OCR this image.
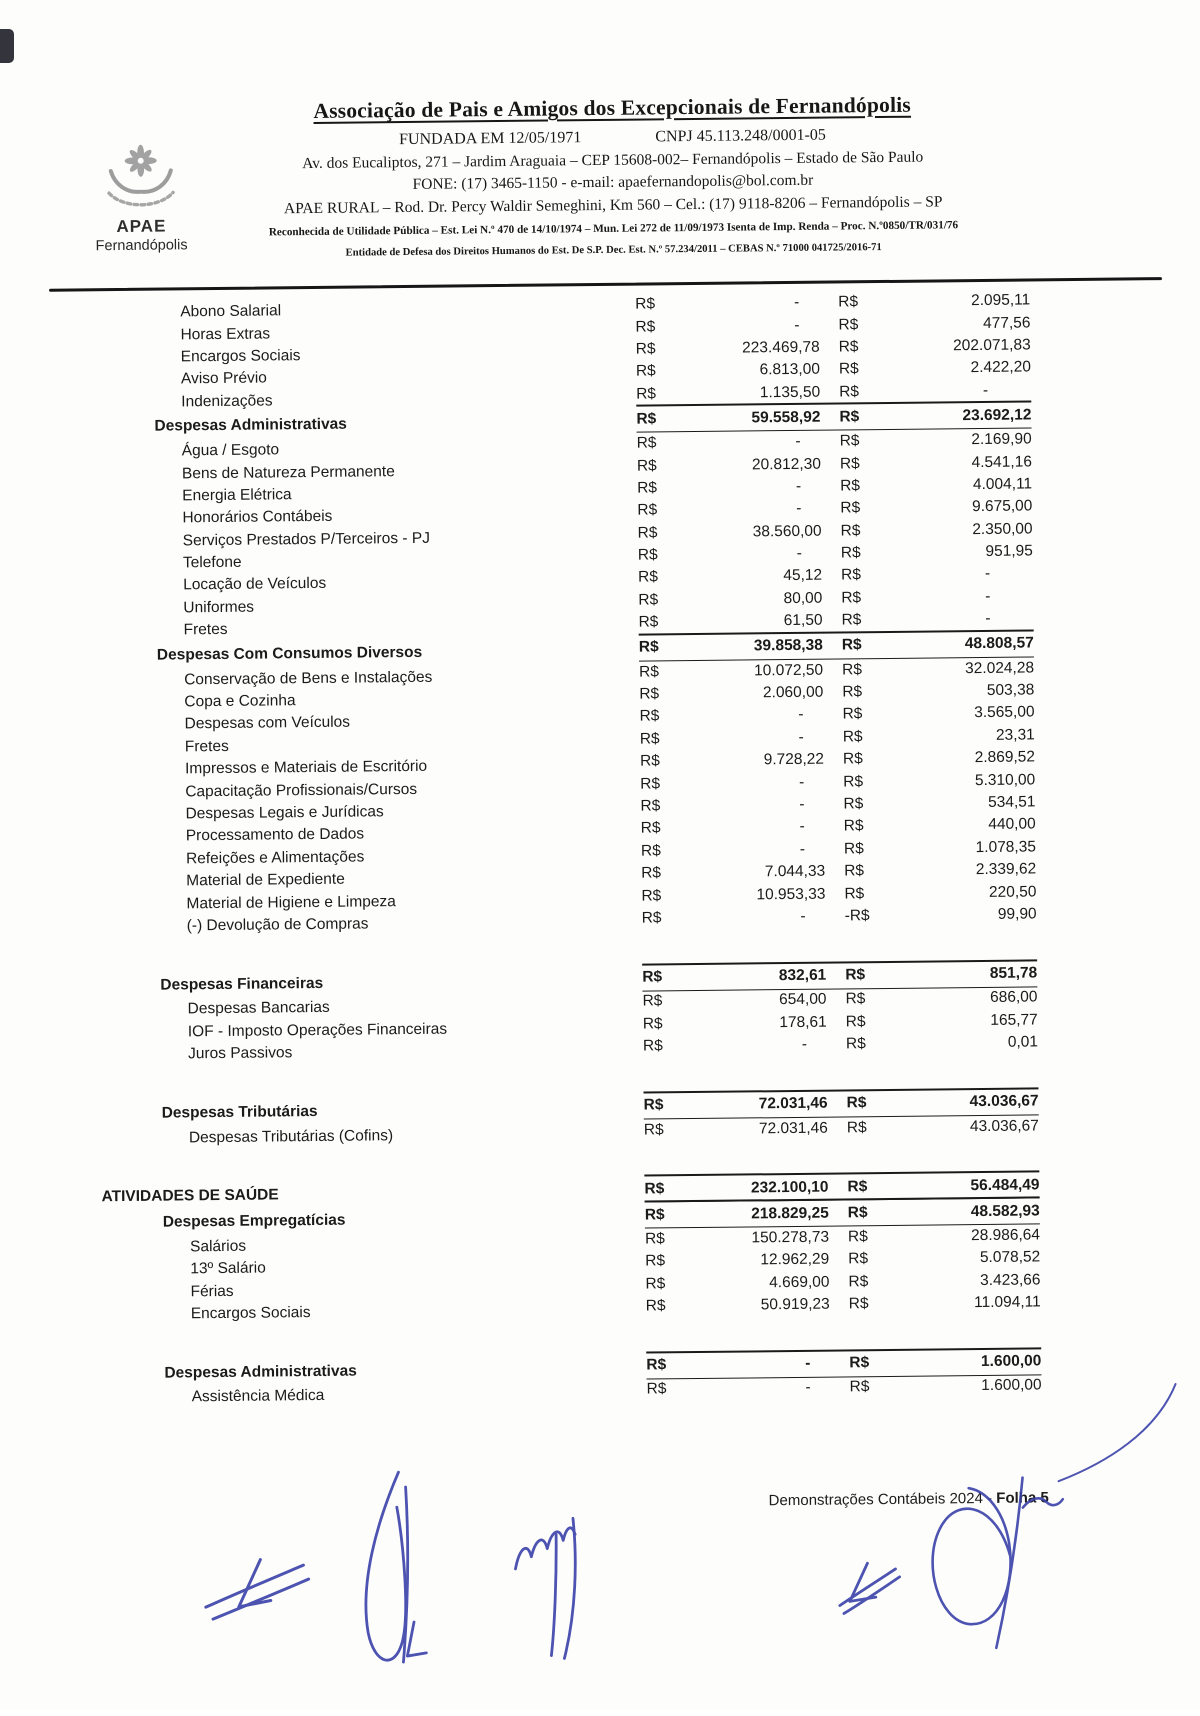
APAE
Fernandópolis
Associação de Pais e Amigos dos Excepcionais de Fernandópolis
FUNDADA EM 12/05/1971	CNPJ 45.113.248/0001-05
Av. dos Eucaliptos, 271 – Jardim Araguaia – CEP 15608-002– Fernandópolis – Estado de São Paulo
FONE: (17) 3465-1150 - e-mail: apaefernandopolis@bol.com.br
APAE RURAL – Rod. Dr. Percy Waldir Semeghini, Km 560 – Cel.: (17) 9118-8206 – Fernandópolis – SP
Reconhecida de Utilidade Pública – Est. Lei N.º 470 de 14/10/1974 – Mun. Lei 272 de 11/09/1973 Isenta de Imp. Renda – Proc. N.º0850/TR/031/76
Entidade de Defesa dos Direitos Humanos do Est. De S.P. Dec. Est. N.º 57.234/2011 – CEBAS N.º 71000 041725/2016-71
Abono Salarial	R$	-	R$	2.095,11
Horas Extras	R$	-	R$	477,56
Encargos Sociais	R$	223.469,78 R$	202.071,83
Aviso Prévio	R$	6.813,00 R$	2.422,20
Indenizações	R$	1.135,50 R$	-
Despesas Administrativas	R$	59.558,92 R$	23.692,12
Água / Esgoto	R$	-	R$	2.169,90
Bens de Natureza Permanente	R$	20.812,30 R$	4.541,16
Energia Elétrica	R$	-	R$	4.004,11
Honorários Contábeis	R$	-	R$	9.675,00
Serviços Prestados P/Terceiros - PJ	R$	38.560,00 R$	2.350,00
Telefone	R$	-	R$	951,95
Locação de Veículos	R$	45,12 R$	-
Uniformes	R$	80,00 R$	-
Fretes	R$	61,50 R$	-
Despesas Com Consumos Diversos	R$	39.858,38 R$	48.808,57
Conservação de Bens e Instalações	R$	10.072,50 R$	32.024,28
Copa e Cozinha	R$	2.060,00 R$	503,38
Despesas com Veículos	R$	-	R$	3.565,00
Fretes	R$	-	R$	23,31
Impressos e Materiais de Escritório	R$	9.728,22 R$	2.869,52
Capacitação Profissionais/Cursos	R$	-	R$	5.310,00
Despesas Legais e Jurídicas	R$	-	R$	534,51
Processamento de Dados	R$	-	R$	440,00
Refeições e Alimentações	R$	-	R$	1.078,35
Material de Expediente	R$	7.044,33 R$	2.339,62
Material de Higiene e Limpeza	R$	10.953,33 R$	220,50
(-) Devolução de Compras	R$	-	-R$	99,90
Despesas Financeiras	R$	832,61 R$	851,78
Despesas Bancarias	R$	654,00 R$	686,00
IOF - Imposto Operações Financeiras	R$	178,61 R$	165,77
Juros Passivos	R$	-	R$	0,01
Despesas Tributárias	R$	72.031,46 R$	43.036,67
Despesas Tributárias (Cofins)	R$	72.031,46 R$	43.036,67
ATIVIDADES DE SAÚDE	R$	232.100,10 R$	56.484,49
Despesas Empregatícias	R$	218.829,25 R$	48.582,93
Salários	R$	150.278,73 R$	28.986,64
13º Salário	R$	12.962,29 R$	5.078,52
Férias	R$	4.669,00 R$	3.423,66
Encargos Sociais	R$	50.919,23 R$	11.094,11
Despesas Administrativas	R$	-	R$	1.600,00
Assistência Médica	R$	-	R$	1.600,00
Demonstrações Contábeis 2024 - Folha 5
